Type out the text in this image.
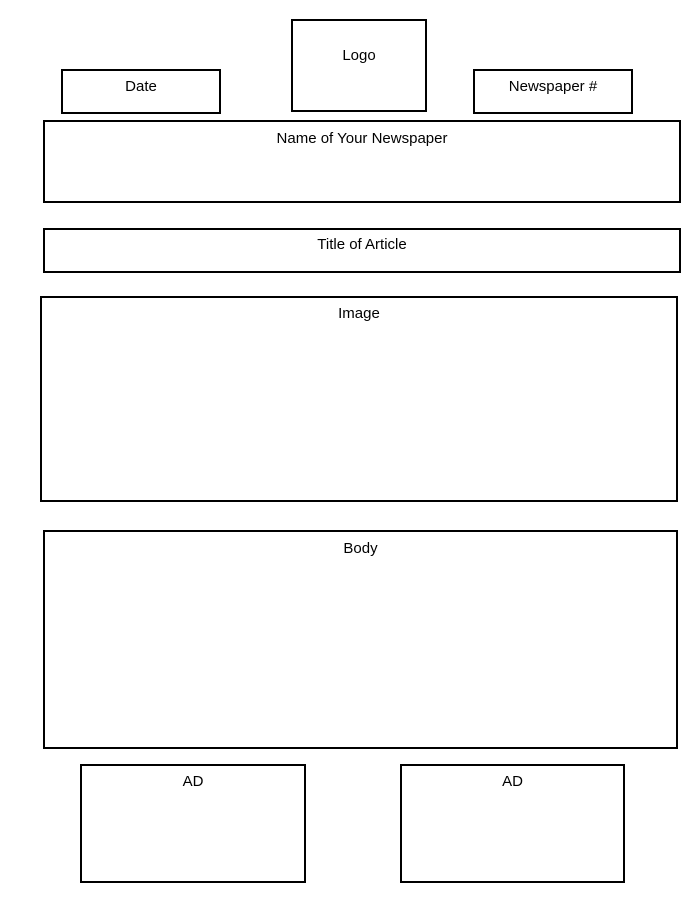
Logo
Date	Newspaper #
Name of Your Newspaper
Title of Article
Image
Body
AD	AD
